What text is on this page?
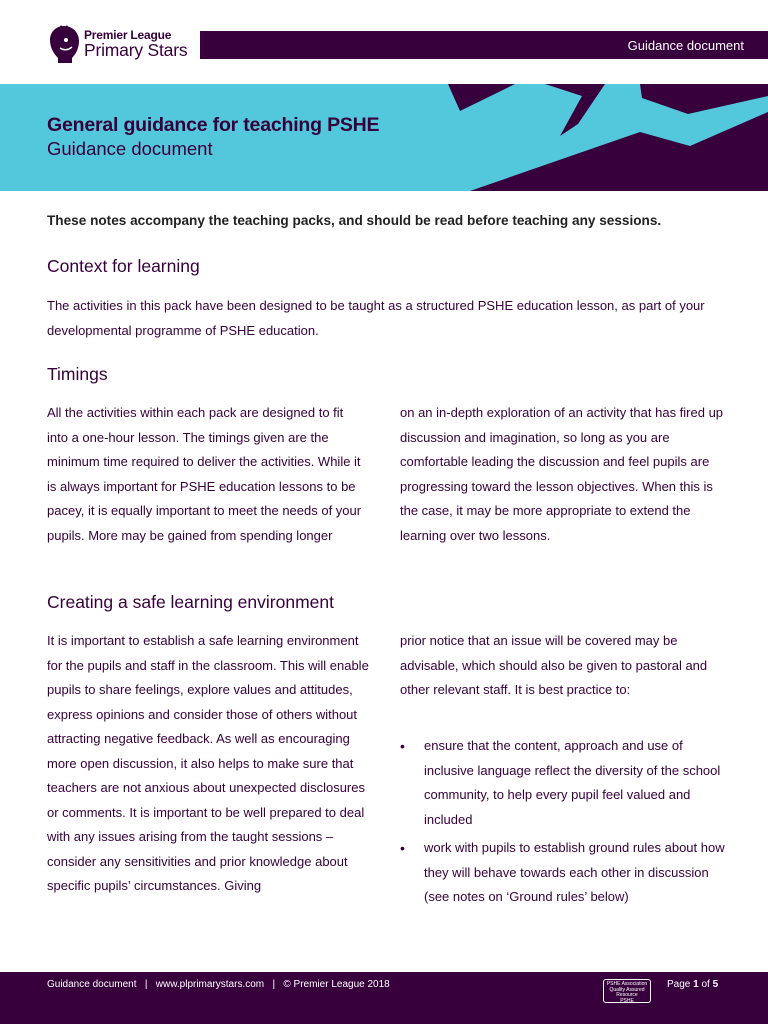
Premier League
Primary Stars	Guidance document
General guidance for teaching PSHE
Guidance document
These notes accompany the teaching packs, and should be read before teaching any sessions.
Context for learning

The activities in this pack have been designed to be taught as a structured PSHE education lesson, as part of your developmental programme of PSHE education.

Timings

All the activities within each pack are designed to fit into a one-hour lesson. The timings given are the minimum time required to deliver the activities. While it is always important for PSHE education lessons to be pacey, it is equally important to meet the needs of your pupils. More may be gained from spending longer

on an in-depth exploration of an activity that has fired up discussion and imagination, so long as you are comfortable leading the discussion and feel pupils are progressing toward the lesson objectives. When this is the case, it may be more appropriate to extend the learning over two lessons.

Creating a safe learning environment

It is important to establish a safe learning environment for the pupils and staff in the classroom. This will enable pupils to share feelings, explore values and attitudes, express opinions and consider those of others without attracting negative feedback. As well as encouraging more open discussion, it also helps to make sure that teachers are not anxious about unexpected disclosures or comments. It is important to be well prepared to deal with any issues arising from the taught sessions – consider any sensitivities and prior knowledge about specific pupils’ circumstances. Giving

prior notice that an issue will be covered may be advisable, which should also be given to pastoral and other relevant staff. It is best practice to:

• ensure that the content, approach and use of inclusive language reflect the diversity of the school community, to help every pupil feel valued and included
• work with pupils to establish ground rules about how they will behave towards each other in discussion (see notes on ‘Ground rules’ below)
Guidance document   |   www.plprimarystars.com   |   © Premier League 2018	PSHE Association
Quality Assured
Resource
PSHE
Page 1 of 5
